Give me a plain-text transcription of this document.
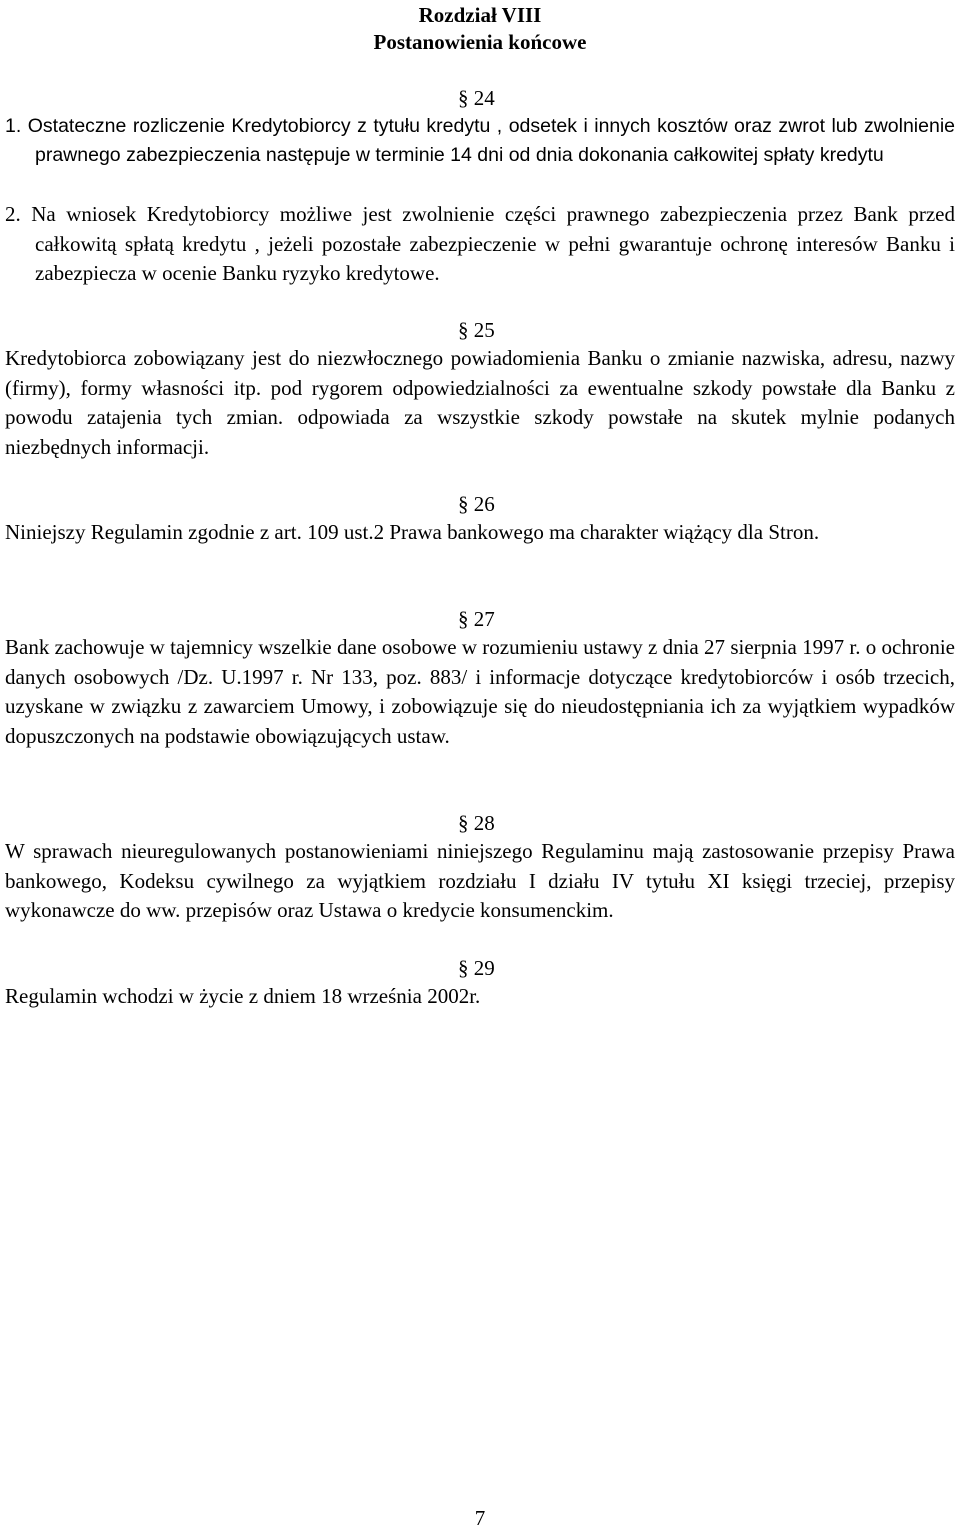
Rozdział VIII
Postanowienia końcowe
§ 24
1. Ostateczne rozliczenie Kredytobiorcy z tytułu kredytu , odsetek i innych kosztów oraz zwrot lub zwolnienie prawnego zabezpieczenia następuje w terminie 14 dni od dnia dokonania całkowitej spłaty kredytu
2. Na wniosek Kredytobiorcy możliwe jest zwolnienie części prawnego zabezpieczenia przez Bank przed całkowitą spłatą kredytu , jeżeli pozostałe zabezpieczenie w pełni gwarantuje ochronę interesów Banku i zabezpiecza w ocenie Banku ryzyko kredytowe.
§ 25
Kredytobiorca zobowiązany jest do niezwłocznego powiadomienia Banku o zmianie nazwiska, adresu, nazwy (firmy), formy własności itp. pod rygorem odpowiedzialności za ewentualne szkody powstałe dla Banku z powodu zatajenia tych zmian. odpowiada za wszystkie szkody powstałe na skutek mylnie podanych niezbędnych informacji.
§ 26
Niniejszy Regulamin zgodnie z art. 109 ust.2 Prawa bankowego ma charakter wiążący dla Stron.
§ 27
Bank zachowuje w tajemnicy wszelkie dane osobowe w rozumieniu ustawy z dnia 27 sierpnia 1997 r. o ochronie danych osobowych /Dz. U.1997 r. Nr 133, poz. 883/ i informacje dotyczące kredytobiorców i osób trzecich, uzyskane w związku z zawarciem Umowy, i zobowiązuje się do nieudostępniania ich za wyjątkiem wypadków dopuszczonych na podstawie obowiązujących ustaw.
§ 28
W sprawach nieuregulowanych postanowieniami niniejszego Regulaminu mają zastosowanie przepisy Prawa bankowego, Kodeksu cywilnego za wyjątkiem rozdziału I działu IV tytułu XI księgi trzeciej, przepisy wykonawcze do ww. przepisów oraz Ustawa o kredycie konsumenckim.
§ 29
Regulamin wchodzi w życie z dniem 18 września 2002r.
7
